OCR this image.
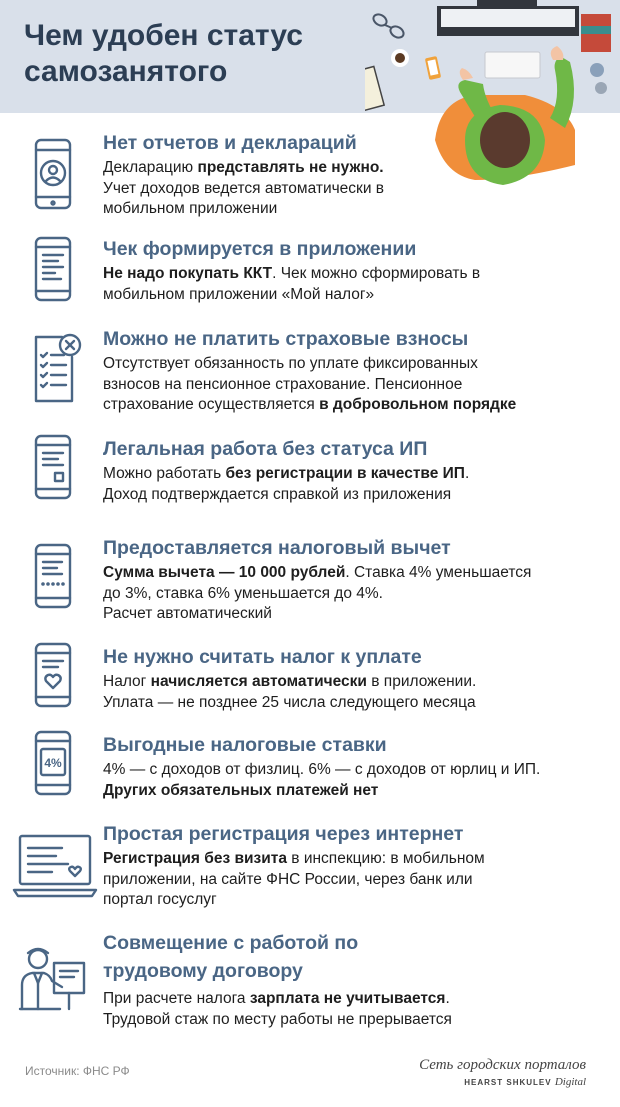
Чем удобен статус
самозанятого
Нет отчетов и деклараций

Декларацию представлять не нужно.

Учет доходов ведется автоматически в

мобильном приложении

Чек формируется в приложении

Не надо покупать ККТ. Чек можно сформировать в

мобильном приложении «Мой налог»

Можно не платить страховые взносы

Отсутствует обязанность по уплате фиксированных

взносов на пенсионное страхование. Пенсионное

страхование осуществляется в добровольном порядке

Легальная работа без статуса ИП

Можно работать без регистрации в качестве ИП.

Доход подтверждается справкой из приложения

Предоставляется налоговый вычет

Сумма вычета — 10 000 рублей. Ставка 4% уменьшается

до 3%, ставка 6% уменьшается до 4%.

Расчет автоматический

Не нужно считать налог к уплате

Налог начисляется автоматически в приложении.

Уплата — не позднее 25 числа следующего месяца

4%
Выгодные налоговые ставки

4% — с доходов от физлиц. 6% — с доходов от юрлиц и ИП.

Других обязательных платежей нет

Простая регистрация через интернет

Регистрация без визита в инспекцию: в мобильном

приложении, на сайте ФНС России, через банк или

портал госуслуг

Совмещение с работой по
трудовому договору

При расчете налога зарплата не учитывается.

Трудовой стаж по месту работы не прерывается

Источник: ФНС РФ	Сеть городских порталов
HEARST SHKULEV Digital
